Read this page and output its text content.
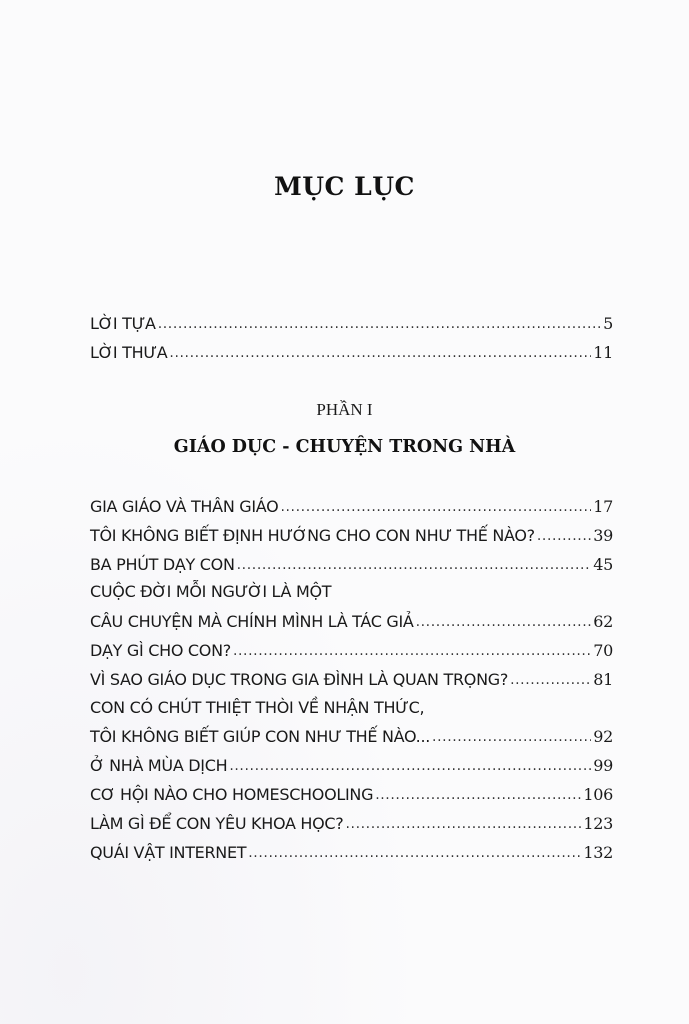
MỤC LỤC
LỜI TỰA .....	5
LỜI THƯA .....	11
PHẦN I
GIÁO DỤC - CHUYỆN TRONG NHÀ
GIA GIÁO VÀ THÂN GIÁO .....	17
TÔI KHÔNG BIẾT ĐỊNH HƯỚNG CHO CON NHƯ THẾ NÀO? .....	39
BA PHÚT DẠY CON .....	45
CUỘC ĐỜI MỖI NGƯỜI LÀ MỘT
CÂU CHUYỆN MÀ CHÍNH MÌNH LÀ TÁC GIẢ .....	62
DẠY GÌ CHO CON? .....	70
VÌ SAO GIÁO DỤC TRONG GIA ĐÌNH LÀ QUAN TRỌNG? .....	81
CON CÓ CHÚT THIỆT THÒI VỀ NHẬN THỨC,
TÔI KHÔNG BIẾT GIÚP CON NHƯ THẾ NÀO... .....	92
Ở NHÀ MÙA DỊCH .....	99
CƠ HỘI NÀO CHO HOMESCHOOLING .....	106
LÀM GÌ ĐỂ CON YÊU KHOA HỌC? .....	123
QUÁI VẬT INTERNET .....	132
